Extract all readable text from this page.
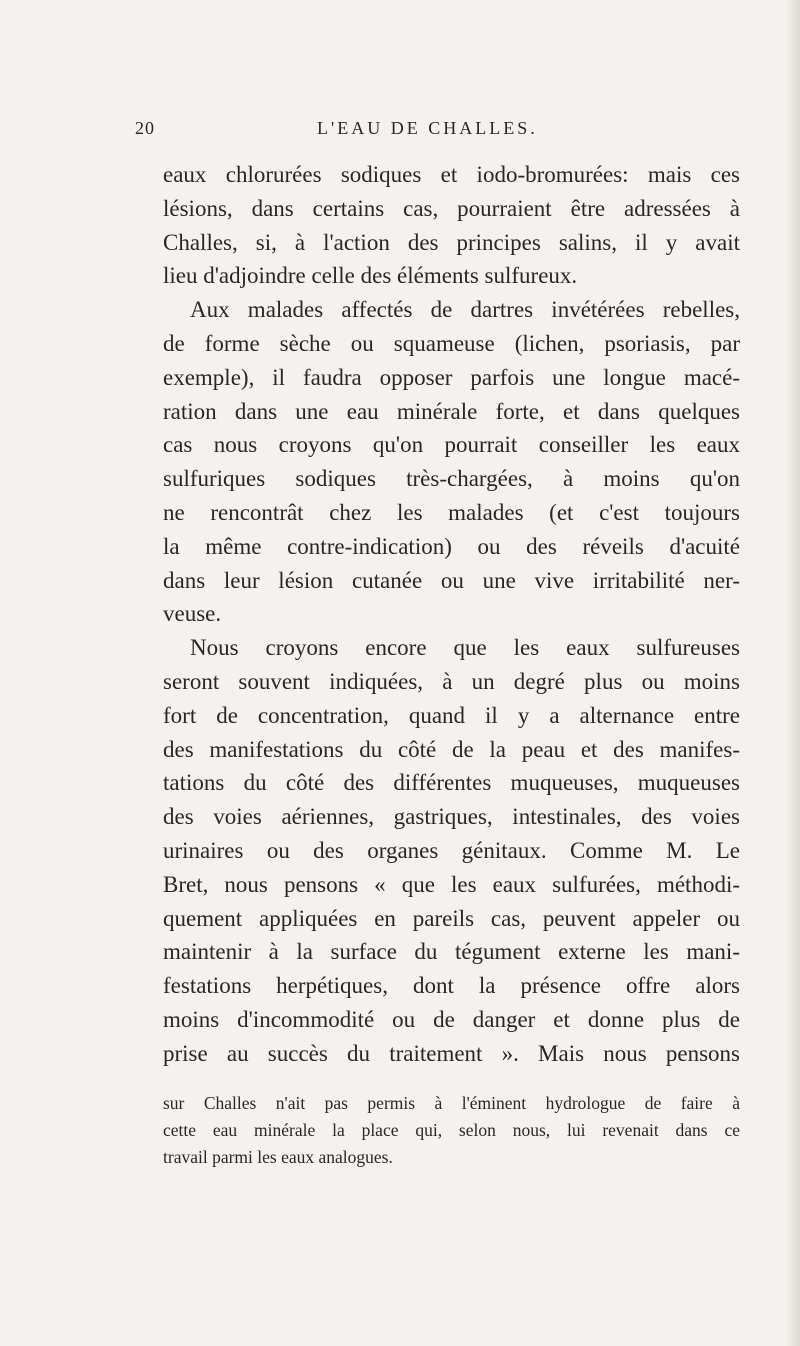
20	L'EAU DE CHALLES.
eaux chlorurées sodiques et iodo-bromurées: mais ces
lésions, dans certains cas, pourraient être adressées à
Challes, si, à l'action des principes salins, il y avait
lieu d'adjoindre celle des éléments sulfureux.
Aux malades affectés de dartres invétérées rebelles,
de forme sèche ou squameuse (lichen, psoriasis, par
exemple), il faudra opposer parfois une longue macé-
ration dans une eau minérale forte, et dans quelques
cas nous croyons qu'on pourrait conseiller les eaux
sulfuriques sodiques très-chargées, à moins qu'on
ne rencontrât chez les malades (et c'est toujours
la même contre-indication) ou des réveils d'acuité
dans leur lésion cutanée ou une vive irritabilité ner-
veuse.
Nous croyons encore que les eaux sulfureuses
seront souvent indiquées, à un degré plus ou moins
fort de concentration, quand il y a alternance entre
des manifestations du côté de la peau et des manifes-
tations du côté des différentes muqueuses, muqueuses
des voies aériennes, gastriques, intestinales, des voies
urinaires ou des organes génitaux. Comme M. Le
Bret, nous pensons « que les eaux sulfurées, méthodi-
quement appliquées en pareils cas, peuvent appeler ou
maintenir à la surface du tégument externe les mani-
festations herpétiques, dont la présence offre alors
moins d'incommodité ou de danger et donne plus de
prise au succès du traitement ». Mais nous pensons
sur Challes n'ait pas permis à l'éminent hydrologue de faire à
cette eau minérale la place qui, selon nous, lui revenait dans ce
travail parmi les eaux analogues.
